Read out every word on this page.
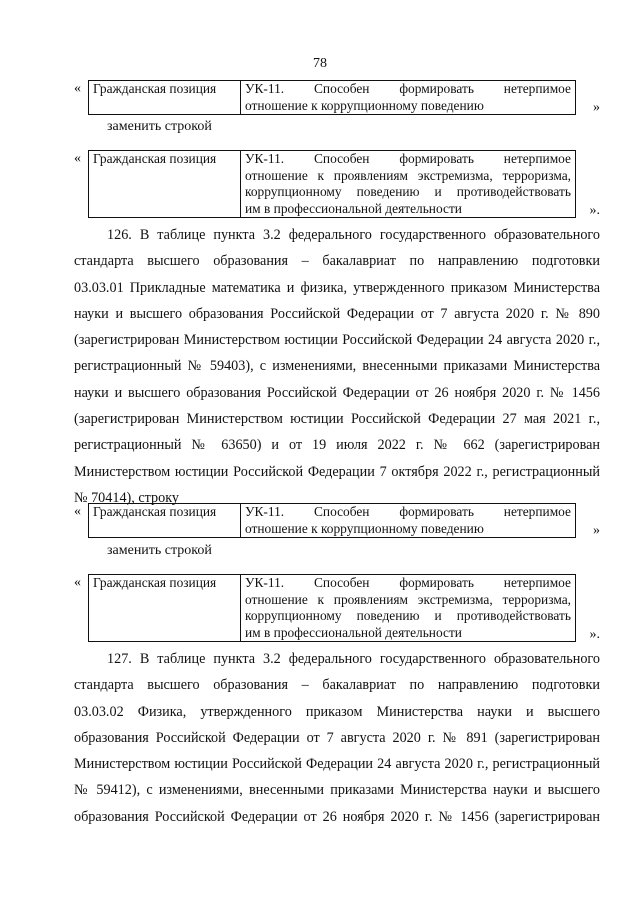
78
« Гражданская позиция	УК-11. Способен формировать нетерпимое
отношение к коррупционному поведению	»
заменить строкой
« Гражданская позиция	УК-11. Способен формировать нетерпимое
отношение к проявлениям экстремизма, терроризма,
коррупционному поведению и противодействовать
им в профессиональной деятельности	».
126. В таблице пункта 3.2 федерального государственного образовательного
стандарта высшего образования – бакалавриат по направлению подготовки
03.03.01 Прикладные математика и физика, утвержденного приказом Министерства
науки и высшего образования Российской Федерации от 7 августа 2020 г. № 890
(зарегистрирован Министерством юстиции Российской Федерации 24 августа 2020 г.,
регистрационный № 59403), с изменениями, внесенными приказами Министерства
науки и высшего образования Российской Федерации от 26 ноября 2020 г. № 1456
(зарегистрирован Министерством юстиции Российской Федерации 27 мая 2021 г.,
регистрационный № 63650) и от 19 июля 2022 г. № 662 (зарегистрирован
Министерством юстиции Российской Федерации 7 октября 2022 г., регистрационный
№ 70414), строку
« Гражданская позиция	УК-11. Способен формировать нетерпимое
отношение к коррупционному поведению	»
заменить строкой
« Гражданская позиция	УК-11. Способен формировать нетерпимое
отношение к проявлениям экстремизма, терроризма,
коррупционному поведению и противодействовать
им в профессиональной деятельности	».
127. В таблице пункта 3.2 федерального государственного образовательного
стандарта высшего образования – бакалавриат по направлению подготовки
03.03.02 Физика, утвержденного приказом Министерства науки и высшего
образования Российской Федерации от 7 августа 2020 г. № 891 (зарегистрирован
Министерством юстиции Российской Федерации 24 августа 2020 г., регистрационный
№ 59412), с изменениями, внесенными приказами Министерства науки и высшего
образования Российской Федерации от 26 ноября 2020 г. № 1456 (зарегистрирован
